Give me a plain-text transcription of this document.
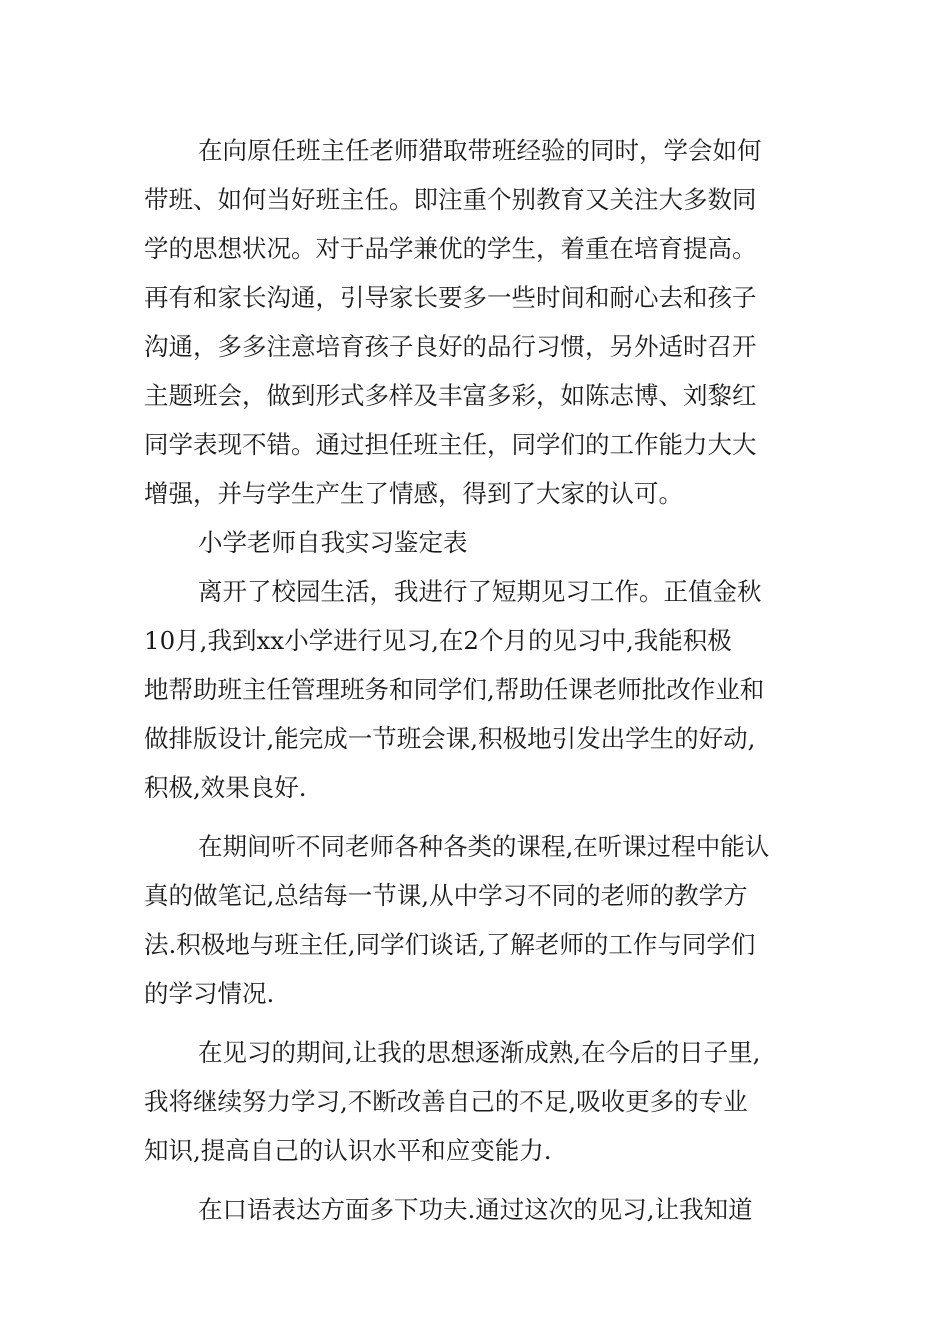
在向原任班主任老师猎取带班经验的同时，学会如何
带班、如何当好班主任。即注重个别教育又关注大多数同
学的思想状况。对于品学兼优的学生，着重在培育提高。
再有和家长沟通，引导家长要多一些时间和耐心去和孩子
沟通，多多注意培育孩子良好的品行习惯，另外适时召开
主题班会，做到形式多样及丰富多彩，如陈志博、刘黎红
同学表现不错。通过担任班主任，同学们的工作能力大大
增强，并与学生产生了情感，得到了大家的认可。
小学老师自我实习鉴定表
离开了校园生活，我进行了短期见习工作。正值金秋
10月,我到xx小学进行见习,在2个月的见习中,我能积极
地帮助班主任管理班务和同学们,帮助任课老师批改作业和
做排版设计,能完成一节班会课,积极地引发出学生的好动,
积极,效果良好.
在期间听不同老师各种各类的课程,在听课过程中能认
真的做笔记,总结每一节课,从中学习不同的老师的教学方
法.积极地与班主任,同学们谈话,了解老师的工作与同学们
的学习情况.
在见习的期间,让我的思想逐渐成熟,在今后的日子里,
我将继续努力学习,不断改善自己的不足,吸收更多的专业
知识,提高自己的认识水平和应变能力.
在口语表达方面多下功夫.通过这次的见习,让我知道
